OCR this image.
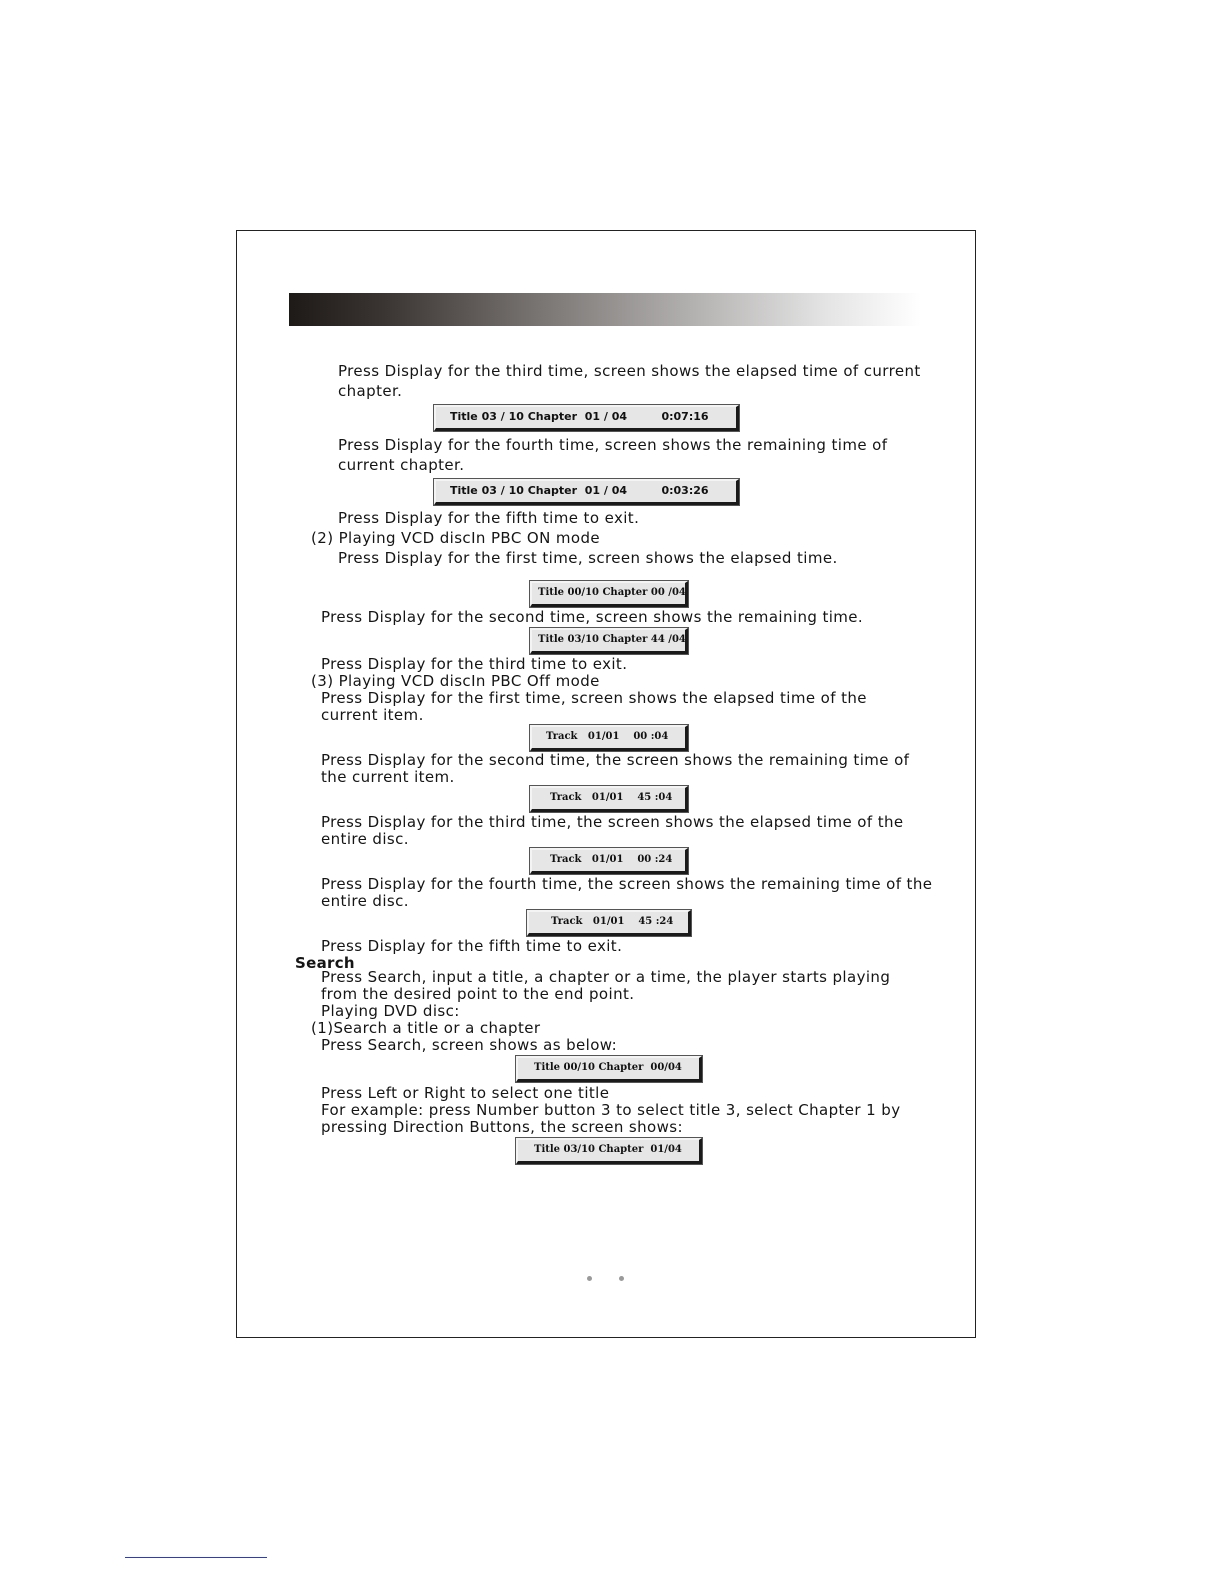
Press Display for the third time, screen shows the elapsed time of current
chapter.
Title 03 / 10 Chapter  01 / 04         0:07:16
Press Display for the fourth time, screen shows the remaining time of
current chapter.
Title 03 / 10 Chapter  01 / 04         0:03:26
Press Display for the fifth time to exit.
(2) Playing VCD discIn PBC ON mode
Press Display for the first time, screen shows the elapsed time.
Title 00/10 Chapter 00 /04
Press Display for the second time, screen shows the remaining time.
Title 03/10 Chapter 44 /04
Press Display for the third time to exit.
(3) Playing VCD discIn PBC Off mode
Press Display for the first time, screen shows the elapsed time of the
current item.
Track   01/01    00 :04
Press Display for the second time, the screen shows the remaining time of
the current item.
Track   01/01    45 :04
Press Display for the third time, the screen shows the elapsed time of the
entire disc.
Track   01/01    00 :24
Press Display for the fourth time, the screen shows the remaining time of the
entire disc.
Track   01/01    45 :24
Press Display for the fifth time to exit.
Search
Press Search, input a title, a chapter or a time, the player starts playing
from the desired point to the end point.
Playing DVD disc:
(1)Search a title or a chapter
Press Search, screen shows as below:
Title 00/10 Chapter  00/04
Press Left or Right to select one title
For example: press Number button 3 to select title 3, select Chapter 1 by
pressing Direction Buttons, the screen shows:
Title 03/10 Chapter  01/04
